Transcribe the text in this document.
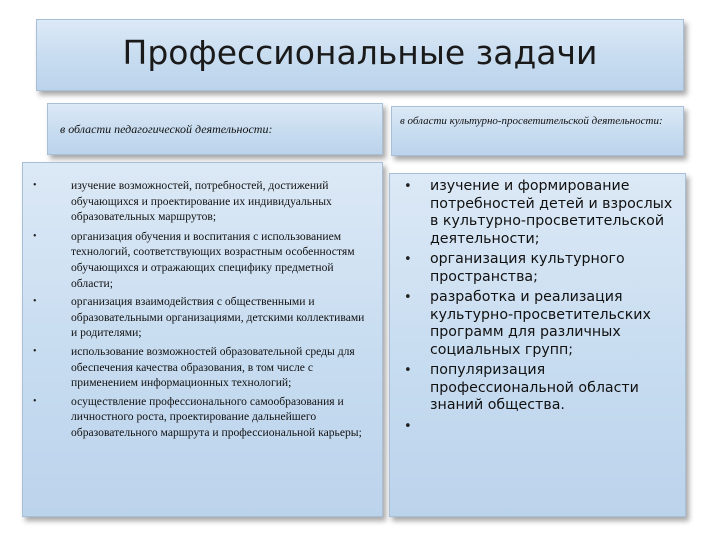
Профессиональные задачи
в области педагогической деятельности:
в области культурно-просветительской деятельности:
•	изучение возможностей, потребностей, достижений обучающихся и проектирование их индивидуальных образовательных маршрутов;
•	организация обучения и воспитания с использованием технологий, соответствующих возрастным особенностям обучающихся и отражающих специфику предметной области;
•	организация взаимодействия с общественными и образовательными организациями, детскими коллективами и родителями;
•	использование возможностей образовательной среды для обеспечения качества образования, в том числе с применением информационных технологий;
•	осуществление профессионального самообразования и личностного роста, проектирование дальнейшего образовательного маршрута и профессиональной карьеры;
• изучение и формирование потребностей детей и взрослых в культурно-просветительской деятельности;
• организация культурного пространства;
• разработка и реализация культурно-просветительских программ для различных социальных групп;
• популяризация профессиональной области знаний общества.
•
